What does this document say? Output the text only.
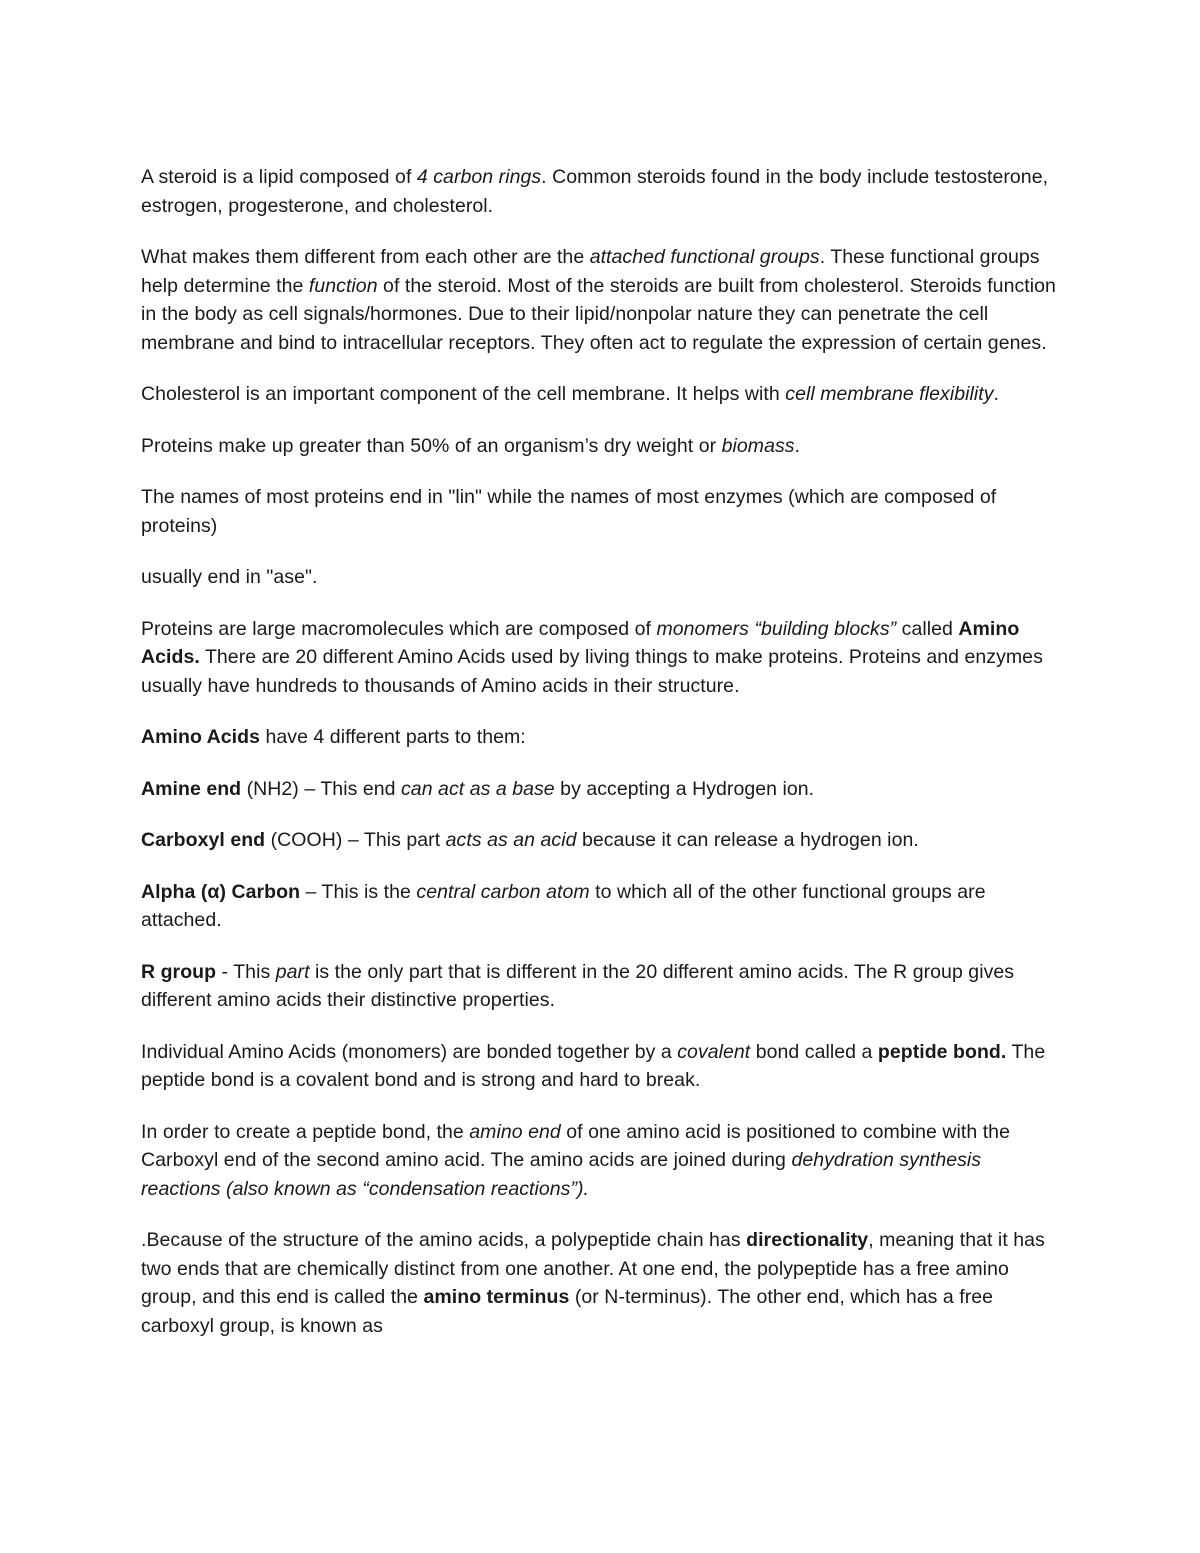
A steroid is a lipid composed of 4 carbon rings. Common steroids found in the body include testosterone, estrogen, progesterone, and cholesterol.

What makes them different from each other are the attached functional groups. These functional groups help determine the function of the steroid. Most of the steroids are built from cholesterol. Steroids function in the body as cell signals/hormones. Due to their lipid/nonpolar nature they can penetrate the cell membrane and bind to intracellular receptors. They often act to regulate the expression of certain genes.

Cholesterol is an important component of the cell membrane. It helps with cell membrane flexibility.

Proteins make up greater than 50% of an organism’s dry weight or biomass.

The names of most proteins end in "lin" while the names of most enzymes (which are composed of proteins)

usually end in "ase".

Proteins are large macromolecules which are composed of monomers “building blocks” called Amino Acids. There are 20 different Amino Acids used by living things to make proteins. Proteins and enzymes usually have hundreds to thousands of Amino acids in their structure.

Amino Acids have 4 different parts to them:

Amine end (NH2) – This end can act as a base by accepting a Hydrogen ion.

Carboxyl end (COOH) – This part acts as an acid because it can release a hydrogen ion.

Alpha (α) Carbon – This is the central carbon atom to which all of the other functional groups are attached.

R group - This part is the only part that is different in the 20 different amino acids. The R group gives different amino acids their distinctive properties.

Individual Amino Acids (monomers) are bonded together by a covalent bond called a peptide bond. The peptide bond is a covalent bond and is strong and hard to break.

In order to create a peptide bond, the amino end of one amino acid is positioned to combine with the Carboxyl end of the second amino acid. The amino acids are joined during dehydration synthesis reactions (also known as “condensation reactions”).

.Because of the structure of the amino acids, a polypeptide chain has directionality, meaning that it has two ends that are chemically distinct from one another. At one end, the polypeptide has a free amino group, and this end is called the amino terminus (or N-terminus). The other end, which has a free carboxyl group, is known as
